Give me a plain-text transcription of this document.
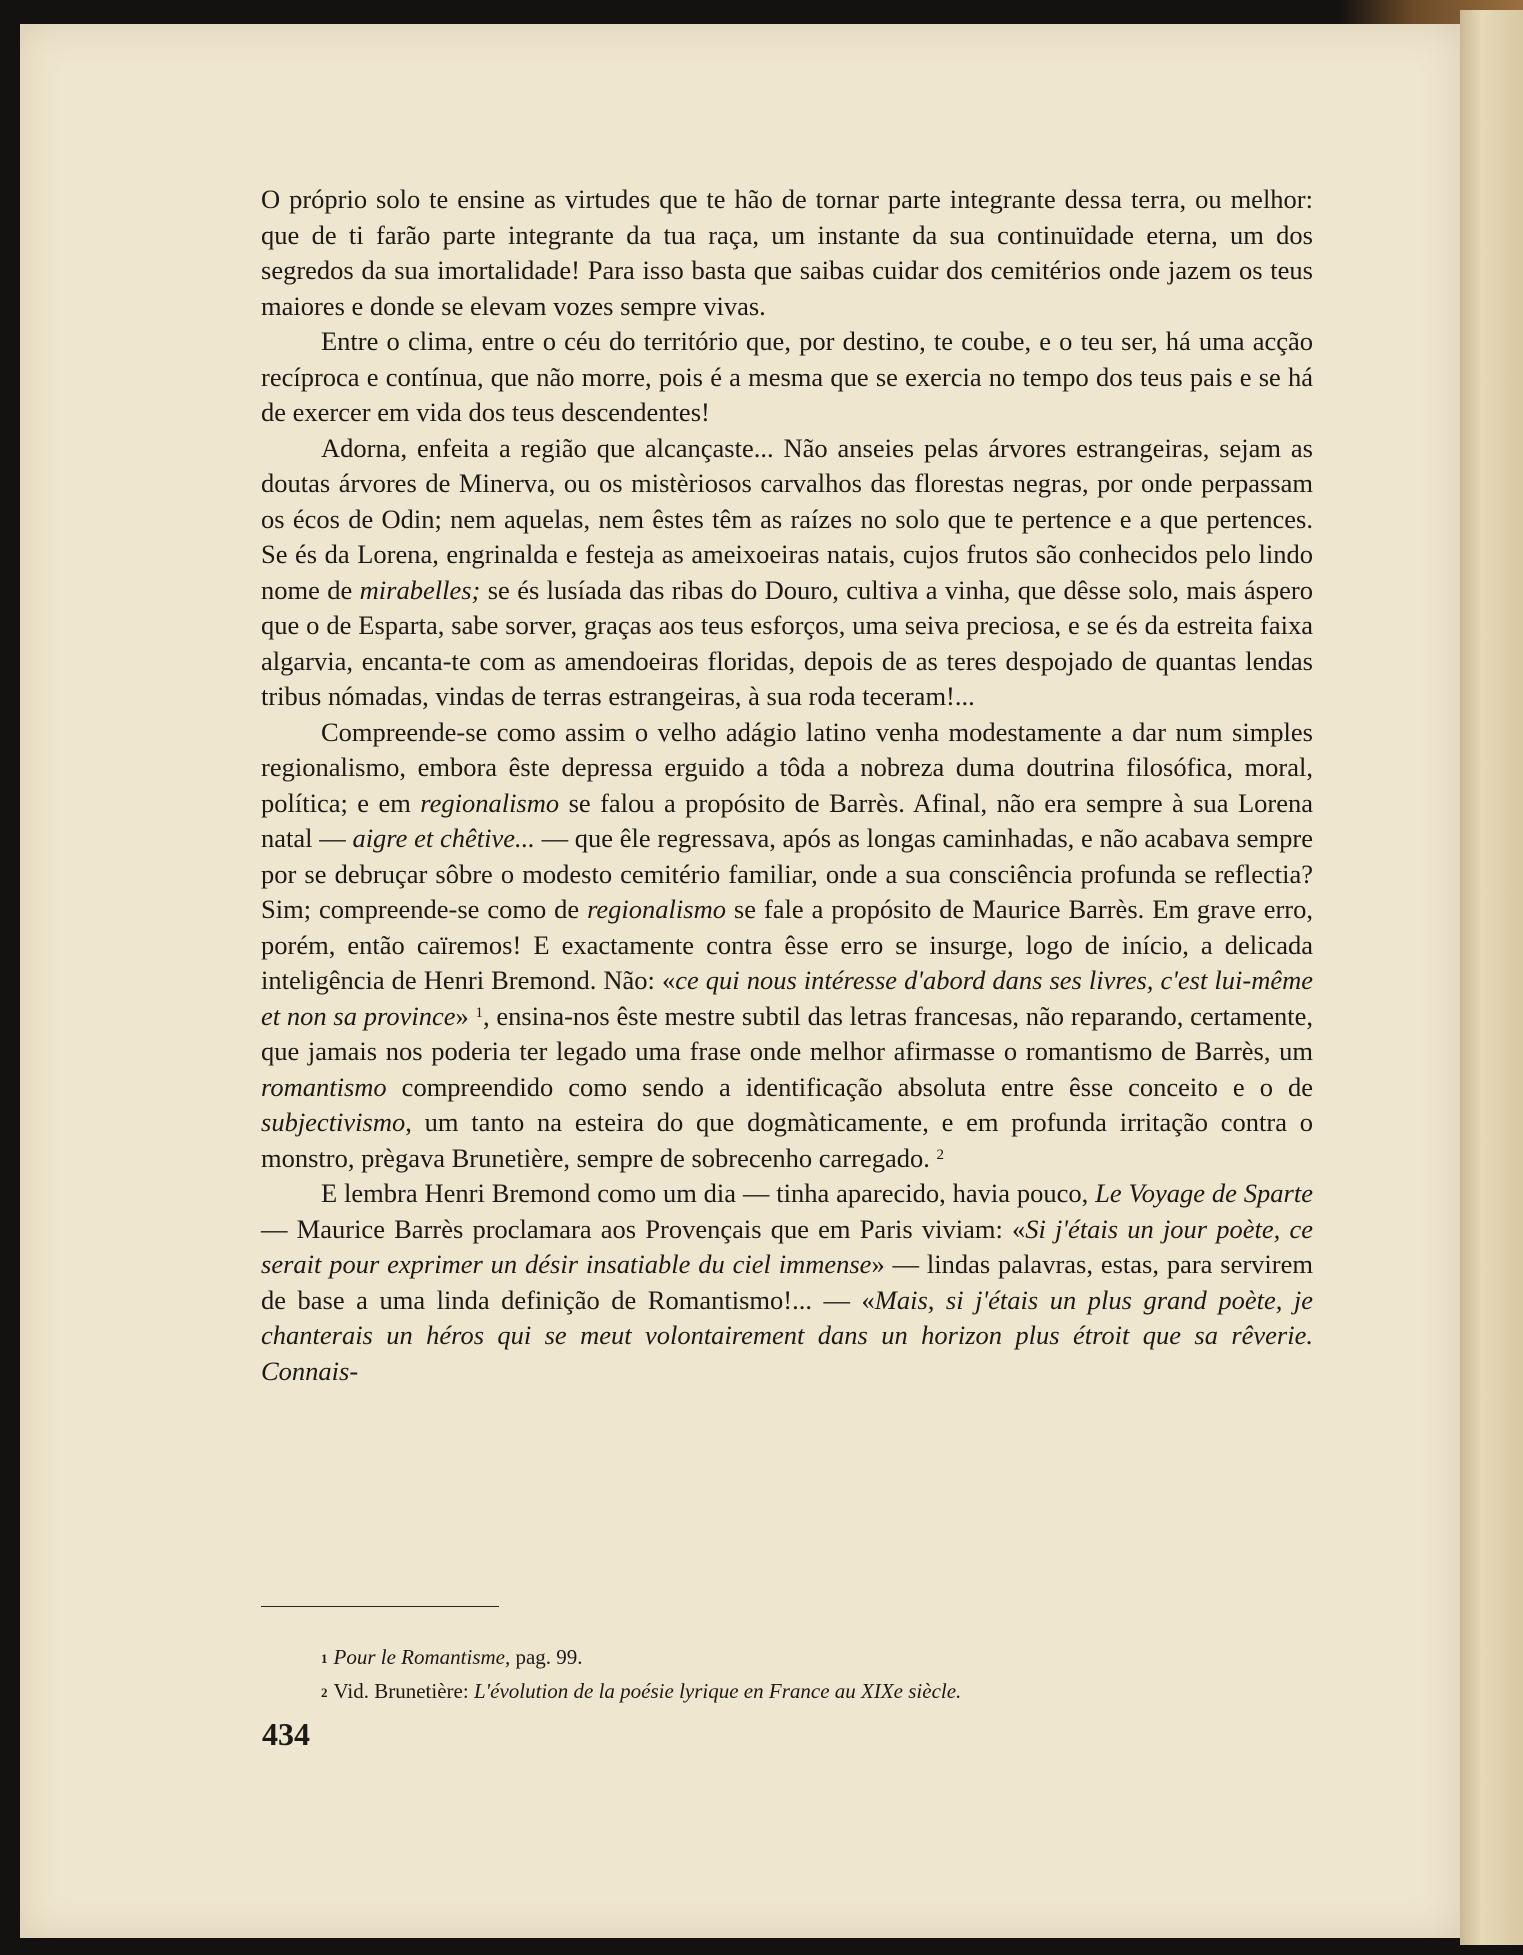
O próprio solo te ensine as virtudes que te hão de tornar parte integrante dessa terra, ou melhor: que de ti farão parte integrante da tua raça, um instante da sua continuïdade eterna, um dos segredos da sua imortalidade! Para isso basta que saibas cuidar dos cemitérios onde jazem os teus maiores e donde se elevam vozes sempre vivas.

Entre o clima, entre o céu do território que, por destino, te coube, e o teu ser, há uma acção recíproca e contínua, que não morre, pois é a mesma que se exercia no tempo dos teus pais e se há de exercer em vida dos teus descendentes!

Adorna, enfeita a região que alcançaste... Não anseies pelas árvores estrangeiras, sejam as doutas árvores de Minerva, ou os mistèriosos carvalhos das florestas negras, por onde perpassam os écos de Odin; nem aquelas, nem êstes têm as raízes no solo que te pertence e a que pertences. Se és da Lorena, engrinalda e festeja as ameixoeiras natais, cujos frutos são conhecidos pelo lindo nome de mirabelles; se és lusíada das ribas do Douro, cultiva a vinha, que dêsse solo, mais áspero que o de Esparta, sabe sorver, graças aos teus esforços, uma seiva preciosa, e se és da estreita faixa algarvia, encanta-te com as amendoeiras floridas, depois de as teres despojado de quantas lendas tribus nómadas, vindas de terras estrangeiras, à sua roda teceram!...

Compreende-se como assim o velho adágio latino venha modestamente a dar num simples regionalismo, embora êste depressa erguido a tôda a nobreza duma doutrina filosófica, moral, política; e em regionalismo se falou a propósito de Barrès. Afinal, não era sempre à sua Lorena natal — aigre et chêtive... — que êle regressava, após as longas caminhadas, e não acabava sempre por se debruçar sôbre o modesto cemitério familiar, onde a sua consciência profunda se reflectia? Sim; compreende-se como de regionalismo se fale a propósito de Maurice Barrès. Em grave erro, porém, então caïremos! E exactamente contra êsse erro se insurge, logo de início, a delicada inteligência de Henri Bremond. Não: «ce qui nous intéresse d'abord dans ses livres, c'est lui-même et non sa province» $^1$, ensina-nos êste mestre subtil das letras francesas, não reparando, certamente, que jamais nos poderia ter legado uma frase onde melhor afirmasse o romantismo de Barrès, um romantismo compreendido como sendo a identificação absoluta entre êsse conceito e o de subjectivismo, um tanto na esteira do que dogmàticamente, e em profunda irritação contra o monstro, prègava Brunetière, sempre de sobrecenho carregado. $^2$

E lembra Henri Bremond como um dia — tinha aparecido, havia pouco, Le Voyage de Sparte — Maurice Barrès proclamara aos Provençais que em Paris viviam: «Si j'étais un jour poète, ce serait pour exprimer un désir insatiable du ciel immense» — lindas palavras, estas, para servirem de base a uma linda definição de Romantismo!... — «Mais, si j'étais un plus grand poète, je chanterais un héros qui se meut volontairement dans un horizon plus étroit que sa rêverie. Connais-

$^1$ Pour le Romantisme, pag. 99.
$^2$ Vid. Brunetière: L'évolution de la poésie lyrique en France au XIXe siècle.
434
